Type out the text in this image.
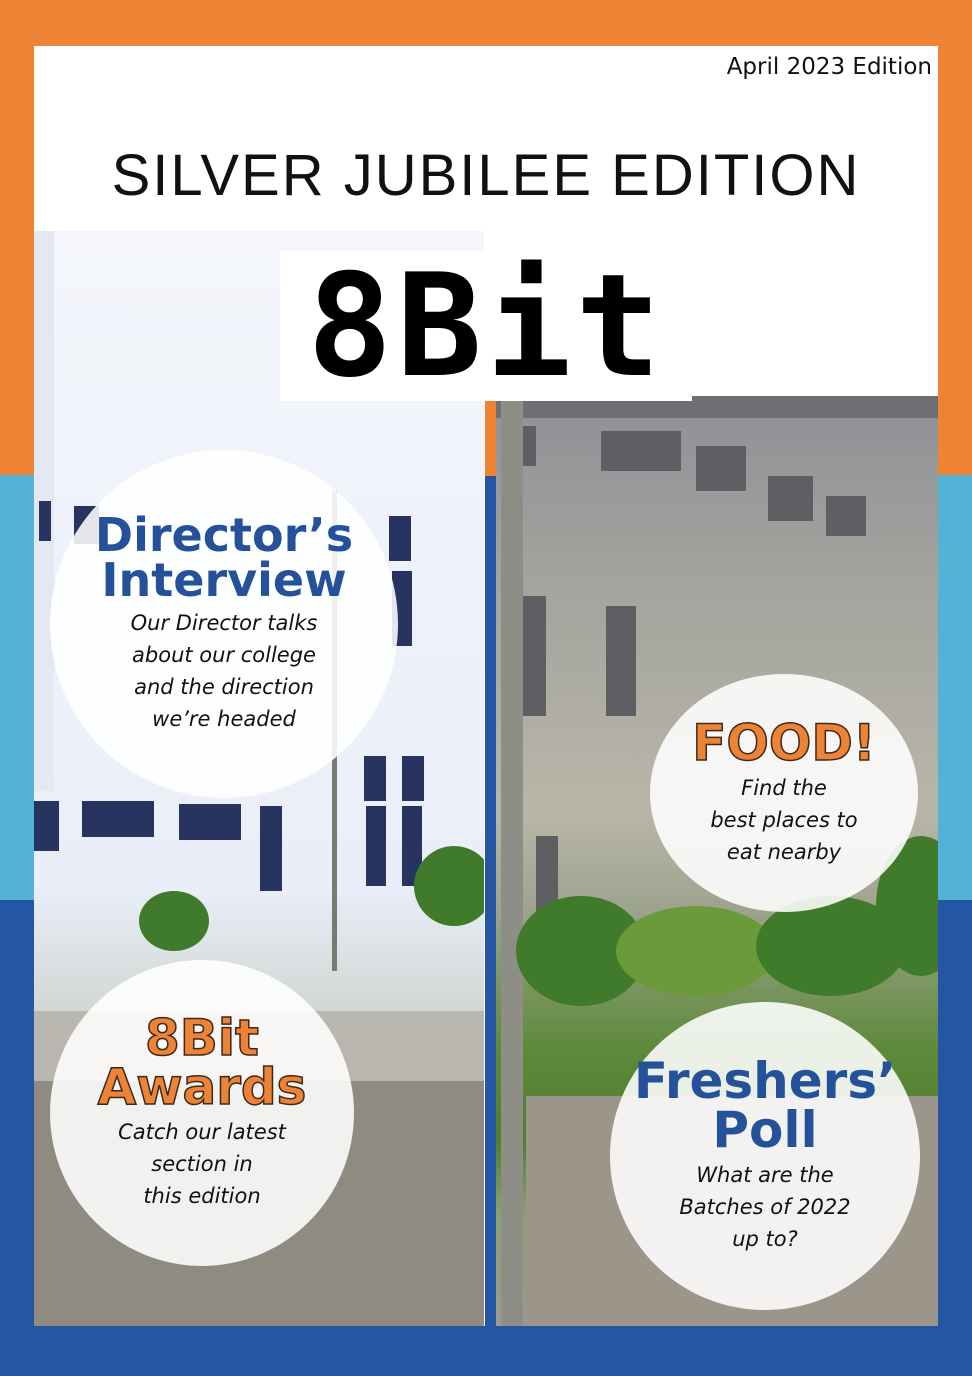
April 2023 Edition
SILVER JUBILEE EDITION
8Bit
Director’s
Interview
Our Director talks
about our college
and the direction
we’re headed	FOOD!
Find the
best places to
eat nearby
8Bit
Awards
Catch our latest
section in
this edition
Freshers’
Poll
What are the
Batches of 2022
up to?
